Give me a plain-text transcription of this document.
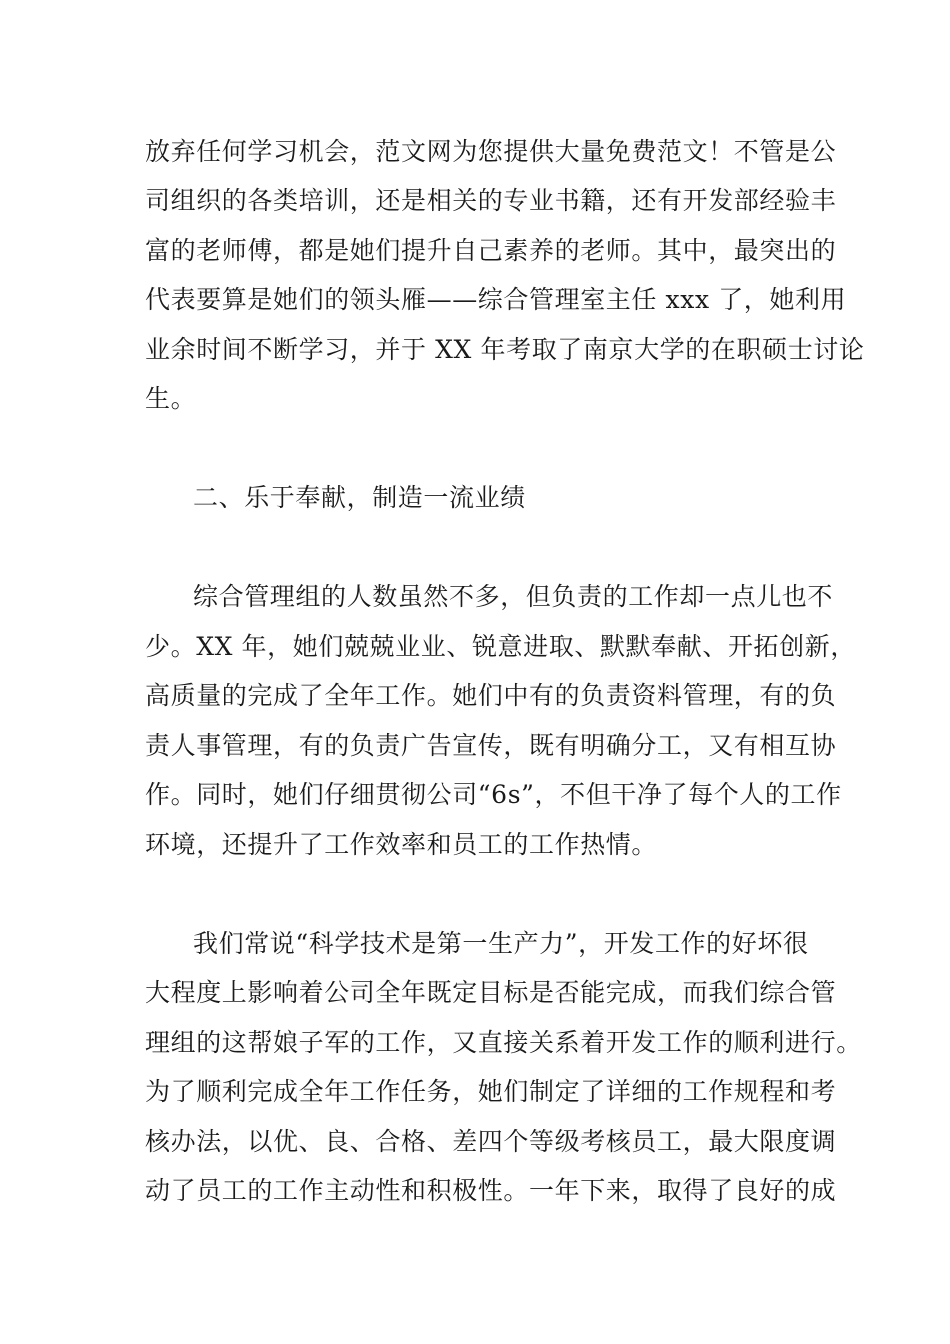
放弃任何学习机会，范文网为您提供大量免费范文！不管是公
司组织的各类培训，还是相关的专业书籍，还有开发部经验丰
富的老师傅，都是她们提升自己素养的老师。其中，最突出的
代表要算是她们的领头雁——综合管理室主任 xxx 了，她利用
业余时间不断学习，并于 XX 年考取了南京大学的在职硕士讨论
生。
二、乐于奉献，制造一流业绩
综合管理组的人数虽然不多，但负责的工作却一点儿也不
少。XX 年，她们兢兢业业、锐意进取、默默奉献、开拓创新，
高质量的完成了全年工作。她们中有的负责资料管理，有的负
责人事管理，有的负责广告宣传，既有明确分工，又有相互协
作。同时，她们仔细贯彻公司“6s”，不但干净了每个人的工作
环境，还提升了工作效率和员工的工作热情。
我们常说“科学技术是第一生产力”，开发工作的好坏很
大程度上影响着公司全年既定目标是否能完成，而我们综合管
理组的这帮娘子军的工作，又直接关系着开发工作的顺利进行。
为了顺利完成全年工作任务，她们制定了详细的工作规程和考
核办法，以优、良、合格、差四个等级考核员工，最大限度调
动了员工的工作主动性和积极性。一年下来，取得了良好的成
